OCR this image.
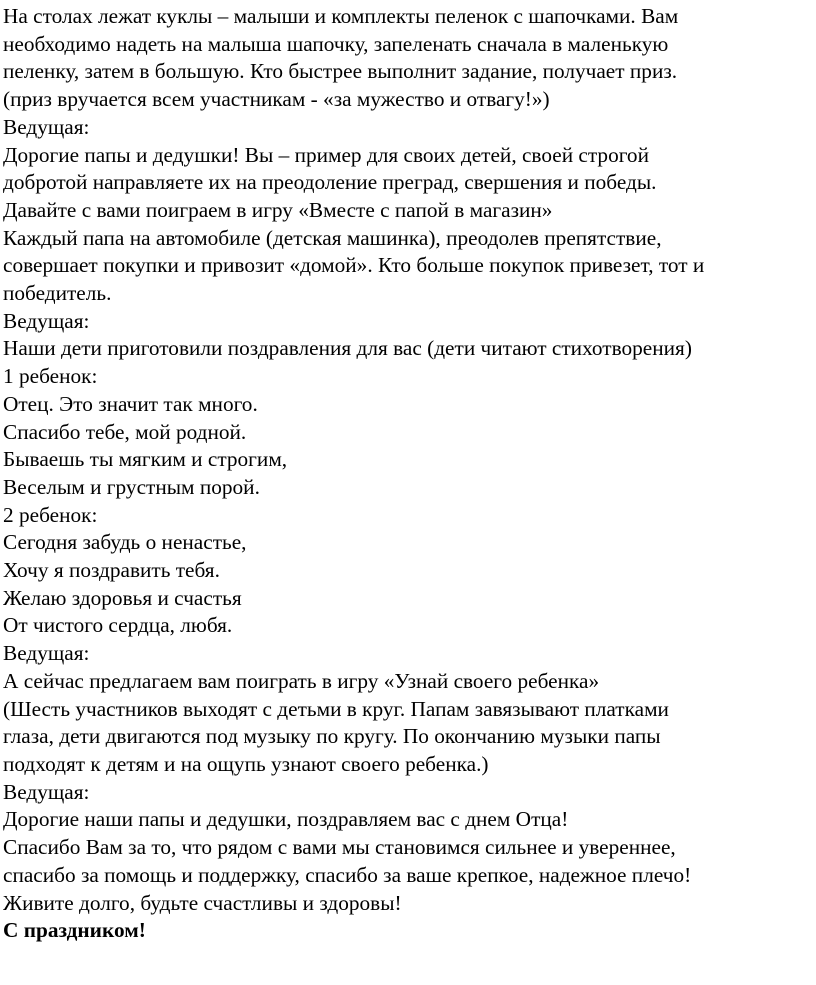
На столах лежат куклы – малыши и комплекты пеленок с шапочками. Вам
необходимо надеть на малыша шапочку, запеленать сначала в маленькую
пеленку, затем в большую. Кто быстрее выполнит задание, получает приз.
(приз вручается всем участникам - «за мужество и отвагу!»)
Ведущая:
Дорогие папы и дедушки! Вы – пример для своих детей, своей строгой
добротой направляете их на преодоление преград, свершения и победы.
Давайте с вами поиграем в игру «Вместе с папой в магазин»
Каждый папа на автомобиле (детская машинка), преодолев препятствие,
совершает покупки и привозит «домой». Кто больше покупок привезет, тот и
победитель.
Ведущая:
Наши дети приготовили поздравления для вас (дети читают стихотворения)
1 ребенок:
Отец. Это значит так много.
Спасибо тебе, мой родной.
Бываешь ты мягким и строгим,
Веселым и грустным порой.
2 ребенок:
Сегодня забудь о ненастье,
Хочу я поздравить тебя.
Желаю здоровья и счастья
От чистого сердца, любя.
Ведущая:
А сейчас предлагаем вам поиграть в игру «Узнай своего ребенка»
(Шесть участников выходят с детьми в круг. Папам завязывают платками
глаза, дети двигаются под музыку по кругу. По окончанию музыки папы
подходят к детям и на ощупь узнают своего ребенка.)
Ведущая:
Дорогие наши папы и дедушки, поздравляем вас с днем Отца!
Спасибо Вам за то, что рядом с вами мы становимся сильнее и увереннее,
спасибо за помощь и поддержку, спасибо за ваше крепкое, надежное плечо!
Живите долго, будьте счастливы и здоровы!
С праздником!
